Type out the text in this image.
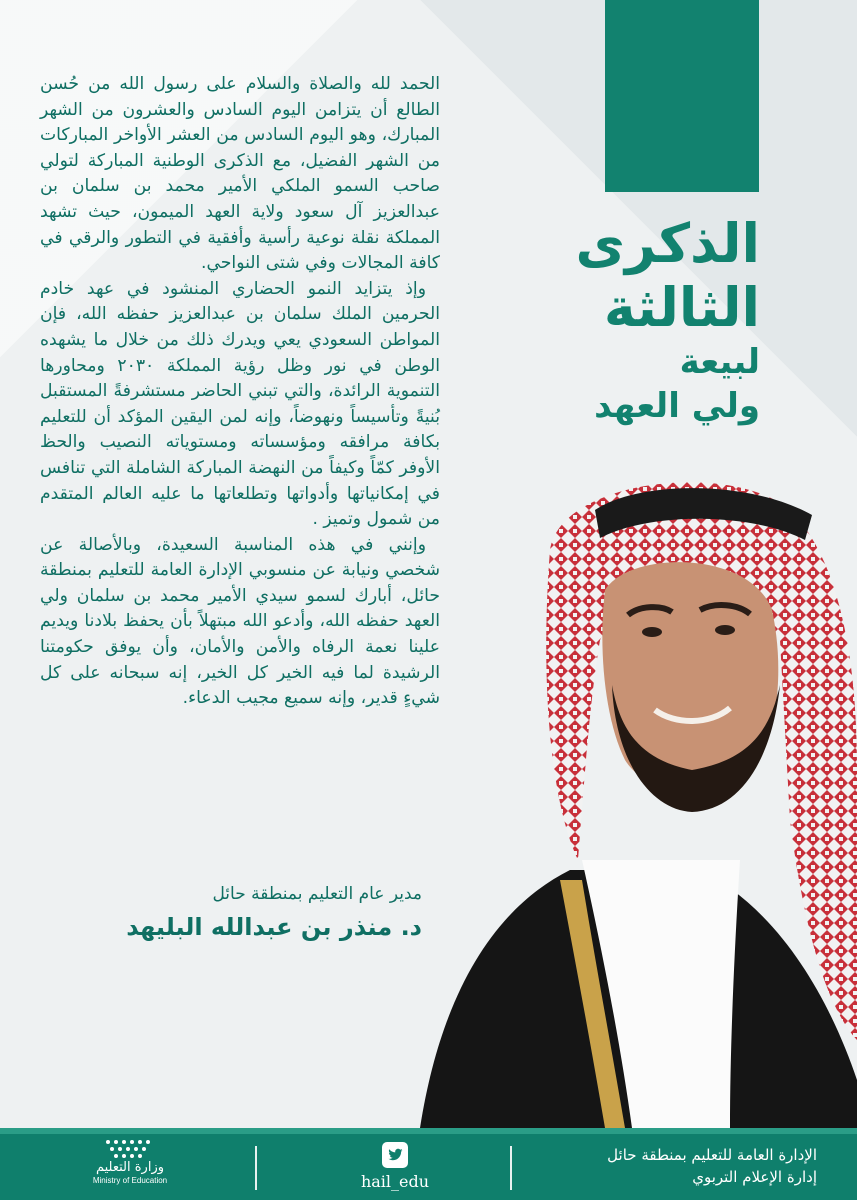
الذكرى
الثالثة
لبيعة
ولي العهد

الحمد لله والصلاة والسلام على رسول الله من حُسن الطالع أن يتزامن اليوم السادس والعشرون من الشهر المبارك، وهو اليوم السادس من العشر الأواخر المباركات من الشهر الفضيل، مع الذكرى الوطنية المباركة لتولي صاحب السمو الملكي الأمير محمد بن سلمان بن عبدالعزيز آل سعود ولاية العهد الميمون، حيث تشهد المملكة نقلة نوعية رأسية وأفقية في التطور والرقي في كافة المجالات وفي شتى النواحي.

وإذ يتزايد النمو الحضاري المنشود في عهد خادم الحرمين الملك سلمان بن عبدالعزيز حفظه الله، فإن المواطن السعودي يعي ويدرك ذلك من خلال ما يشهده الوطن في نور وظل رؤية المملكة ٢٠٣٠ ومحاورها التنموية الرائدة، والتي تبني الحاضر مستشرفةً المستقبل بُنيةً وتأسيساً ونهوضاً، وإنه لمن اليقين المؤكد أن للتعليم بكافة مرافقه ومؤسساته ومستوياته النصيب والحظ الأوفر كمّاً وكيفاً من النهضة المباركة الشاملة التي تنافس في إمكانياتها وأدواتها وتطلعاتها ما عليه العالم المتقدم من شمول وتميز .

وإنني في هذه المناسبة السعيدة، وبالأصالة عن شخصي ونيابة عن منسوبي الإدارة العامة للتعليم بمنطقة حائل، أبارك لسمو سيدي الأمير محمد بن سلمان ولي العهد حفظه الله، وأدعو الله مبتهلاً بأن يحفظ بلادنا ويديم علينا نعمة الرفاه والأمن والأمان، وأن يوفق حكومتنا الرشيدة لما فيه الخير كل الخير، إنه سبحانه على كل شيءٍ قدير، وإنه سميع مجيب الدعاء.

مدير عام التعليم بمنطقة حائل
د. منذر بن عبدالله البليهد
الإدارة العامة للتعليم بمنطقة حائل
إدارة الإعلام التربوي
hail_edu
وزارة التعليم
Ministry of Education
